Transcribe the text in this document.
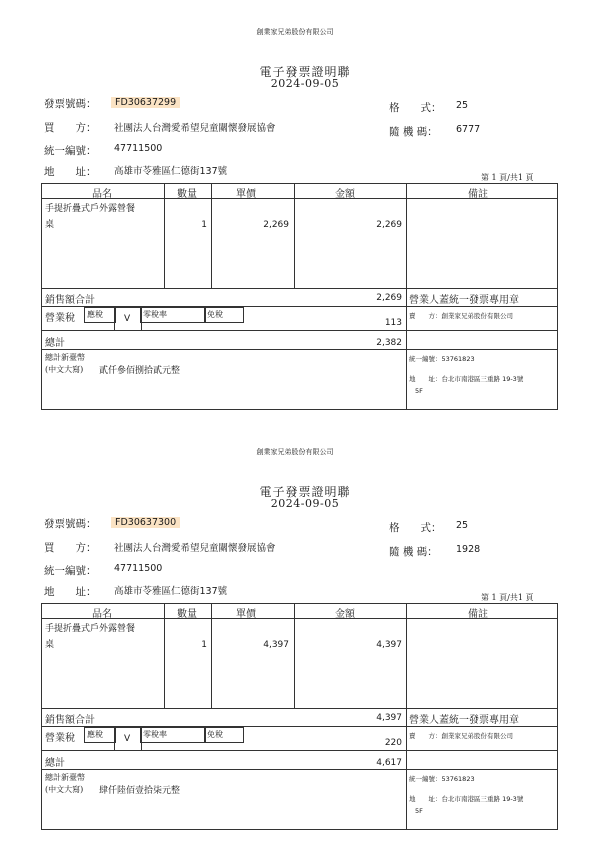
創業家兄弟股份有限公司
電子發票證明聯
2024-09-05
發票號碼：	FD30637299
買　　方： 社團法人台灣愛希望兒童關懷發展協會
統一編號： 47711500
地　　址： 高雄市苓雅區仁德街137號
格　　式： 25
隨 機 碼： 6777
第 1 頁/共1 頁
品名	數量	單價	金額	備註
手提折疊式戶外露營餐
桌	1	2,269	2,269
銷售額合計	2,269 營業人蓋統一發票專用章
營業稅 應稅 V 零稅率	免稅
113
總計	2,382
總計新臺幣
(中文大寫) 貳仟參佰捌拾貳元整
賣　　方：創業家兄弟股份有限公司
統一編號：53761823
地　　址：台北市南港區三重路 19-3號
5F
創業家兄弟股份有限公司
電子發票證明聯
2024-09-05
發票號碼：	FD30637300
買　　方： 社團法人台灣愛希望兒童關懷發展協會
統一編號： 47711500
地　　址： 高雄市苓雅區仁德街137號
格　　式： 25
隨 機 碼： 1928
第 1 頁/共1 頁
品名	數量	單價	金額	備註
手提折疊式戶外露營餐
桌	1	4,397	4,397
銷售額合計	4,397 營業人蓋統一發票專用章
營業稅 應稅 V 零稅率	免稅
220
總計	4,617
總計新臺幣
(中文大寫) 肆仟陸佰壹拾柒元整
賣　　方：創業家兄弟股份有限公司
統一編號：53761823
地　　址：台北市南港區三重路 19-3號
5F
